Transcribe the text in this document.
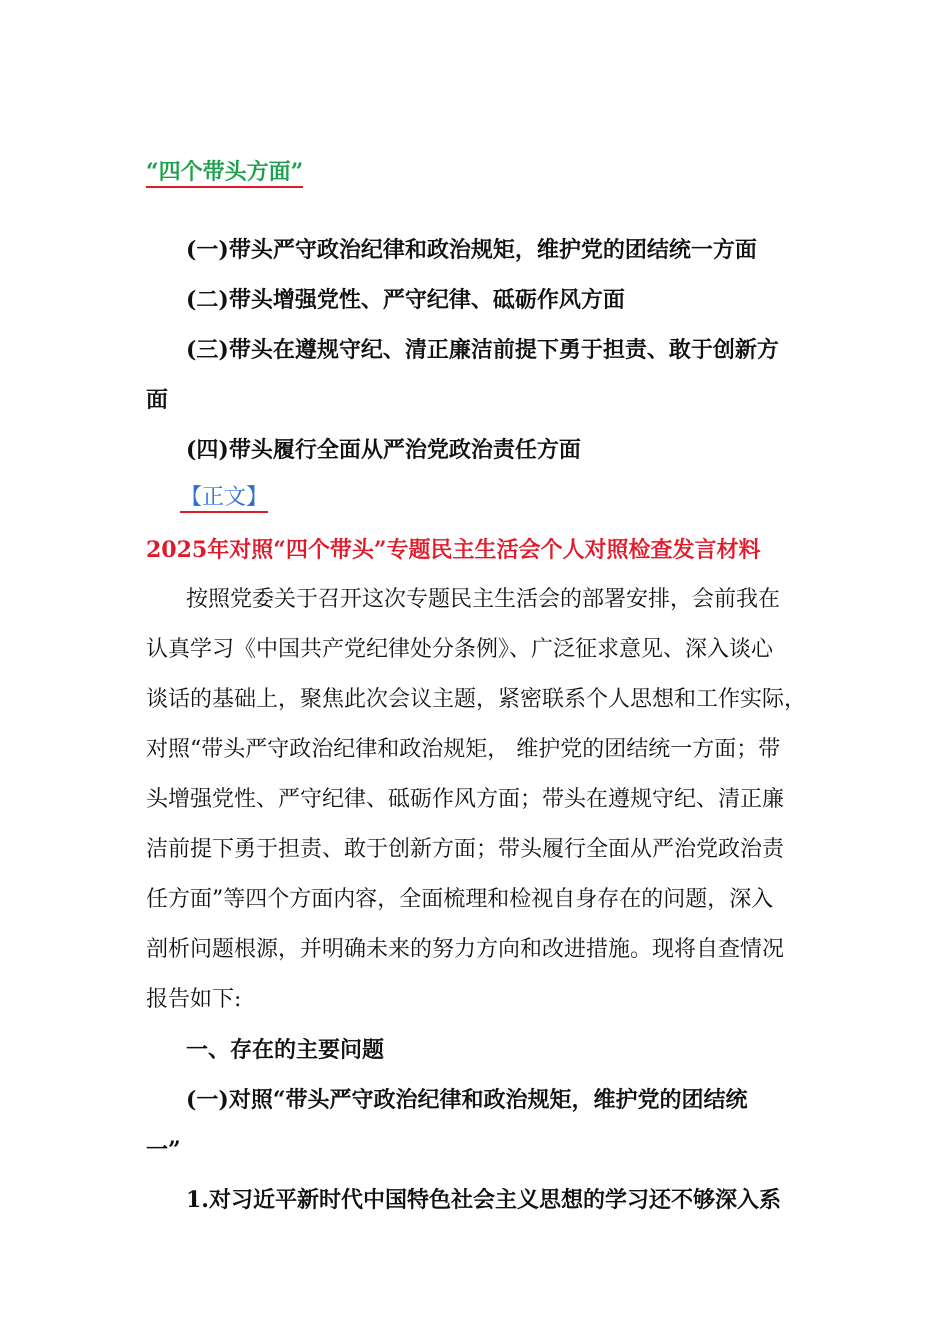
“四个带头方面”
(一)带头严守政治纪律和政治规矩，维护党的团结统一方面
(二)带头增强党性、严守纪律、砥砺作风方面
(三)带头在遵规守纪、清正廉洁前提下勇于担责、敢于创新方
面
(四)带头履行全面从严治党政治责任方面
【正文】
2025年对照“四个带头”专题民主生活会个人对照检查发言材料
按照党委关于召开这次专题民主生活会的部署安排，会前我在
认真学习《中国共产党纪律处分条例》、广泛征求意见、深入谈心
谈话的基础上，聚焦此次会议主题，紧密联系个人思想和工作实际，
对照“带头严守政治纪律和政治规矩， 维护党的团结统一方面；带
头增强党性、严守纪律、砥砺作风方面；带头在遵规守纪、清正廉
洁前提下勇于担责、敢于创新方面；带头履行全面从严治党政治责
任方面”等四个方面内容，全面梳理和检视自身存在的问题，深入
剖析问题根源，并明确未来的努力方向和改进措施。现将自查情况
报告如下:
一、存在的主要问题
(一)对照“带头严守政治纪律和政治规矩，维护党的团结统
一”
1.对习近平新时代中国特色社会主义思想的学习还不够深入系
